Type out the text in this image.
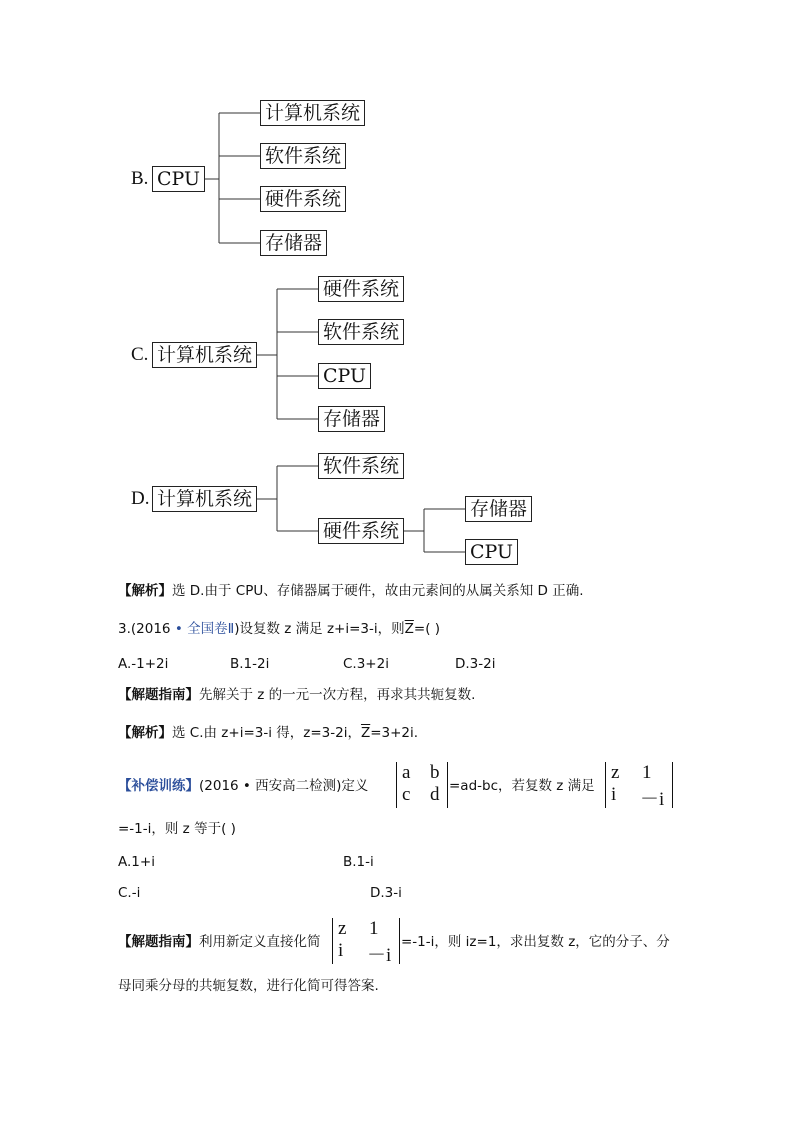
B. CPU
计算机系统
软件系统
硬件系统
存储器
C. 计算机系统
硬件系统
软件系统
CPU
存储器
D. 计算机系统
软件系统
硬件系统
存储器
CPU
【解析】选 D.由于 CPU、存储器属于硬件，故由元素间的从属关系知 D 正确.
3.(2016 • 全国卷Ⅱ)设复数 z 满足 z+i=3-i，则$\overline{Z}=$( )
A.-1+2i	B.1-2i	C.3+2i	D.3-2i
【解题指南】先解关于 z 的一元一次方程，再求其共轭复数.
【解析】选 C.由 z+i=3-i 得，z=3-2i，$\overline{Z}=3+2i$.
【补偿训练】(2016 • 西安高二检测)定义
a b
c d =ad-bc，若复数 z 满足
z 1
i －i
=-1-i，则 z 等于( )
A.1+i	B.1-i
C.-i	D.3-i
【解题指南】利用新定义直接化简
z 1
i －i
=-1-i，则 iz=1，求出复数 z，它的分子、分
母同乘分母的共轭复数，进行化简可得答案.
